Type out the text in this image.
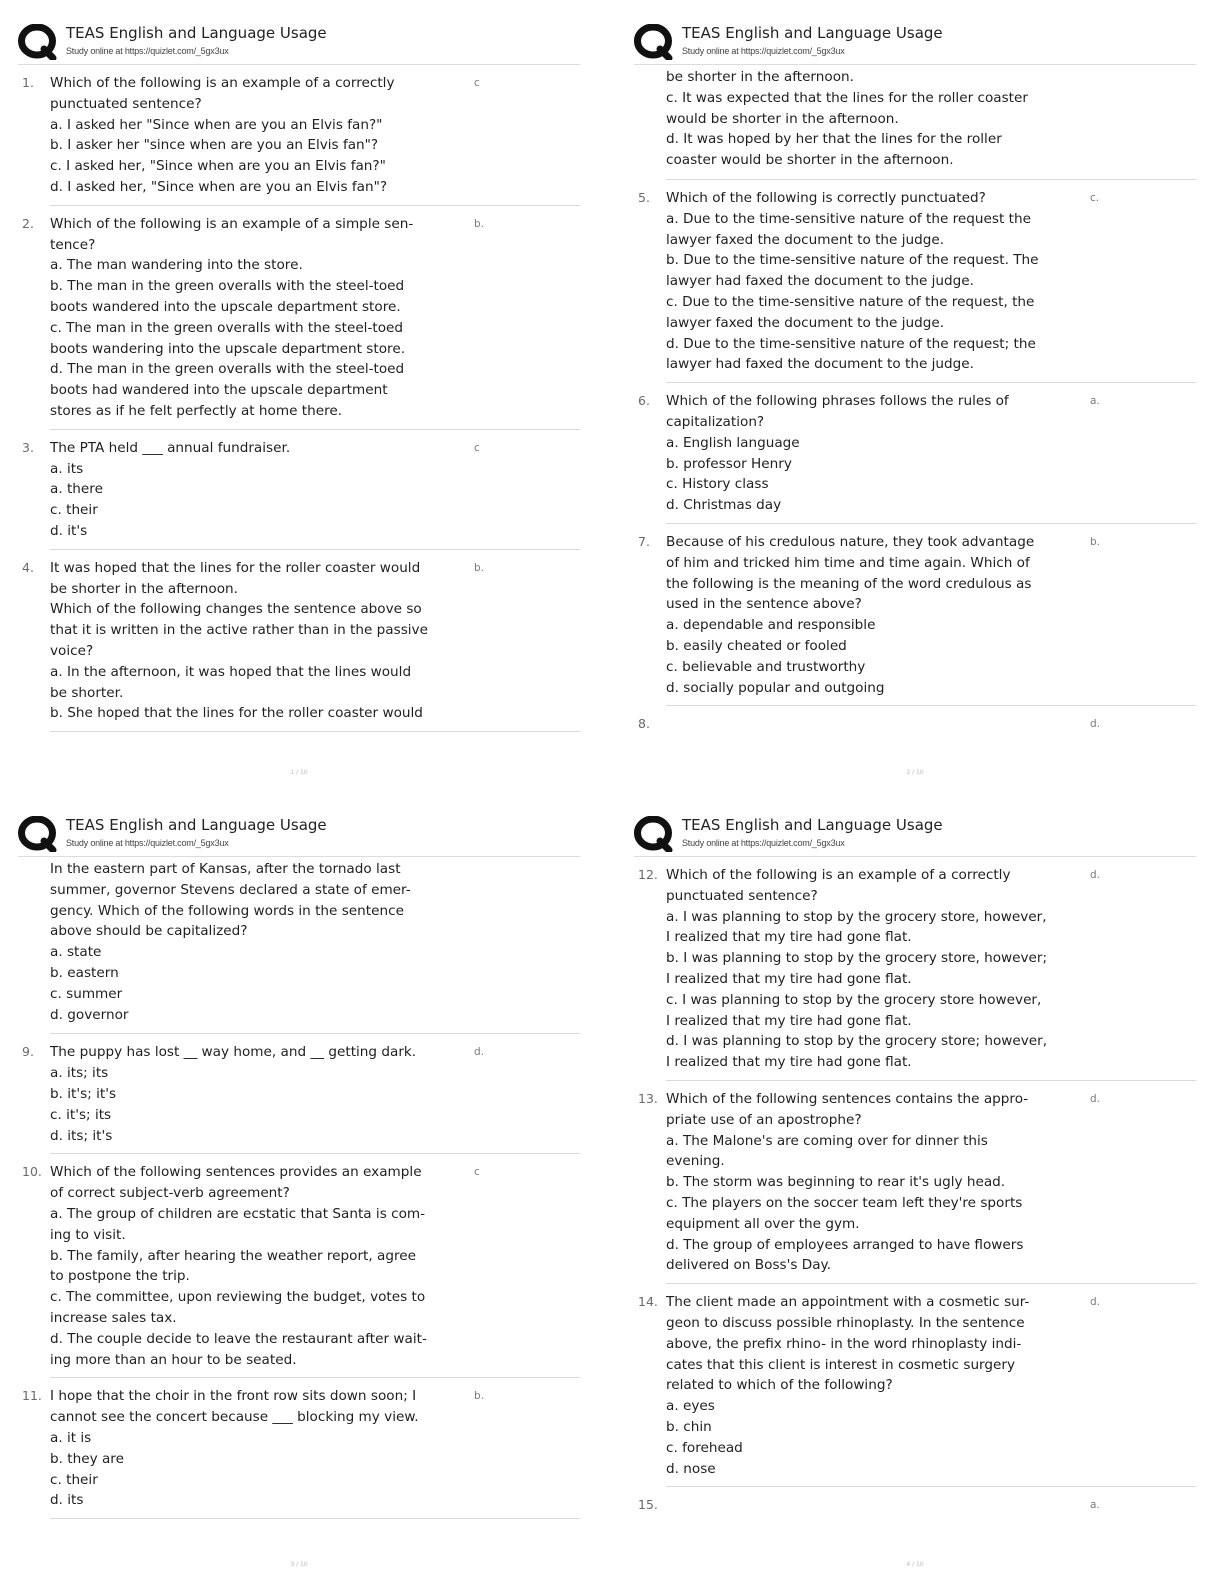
TEAS English and Language Usage
Study online at https://quizlet.com/_5gx3ux
1.	c
Which of the following is an example of a correctly
punctuated sentence?
a. I asked her "Since when are you an Elvis fan?"
b. I asker her "since when are you an Elvis fan"?
c. I asked her, "Since when are you an Elvis fan?"
d. I asked her, "Since when are you an Elvis fan"?
2.	b.
Which of the following is an example of a simple sen-
tence?
a. The man wandering into the store.
b. The man in the green overalls with the steel-toed
boots wandered into the upscale department store.
c. The man in the green overalls with the steel-toed
boots wandering into the upscale department store.
d. The man in the green overalls with the steel-toed
boots had wandered into the upscale department
stores as if he felt perfectly at home there.
3.	c
The PTA held ___ annual fundraiser.
a. its
a. there
c. their
d. it's
4.	b.
It was hoped that the lines for the roller coaster would
be shorter in the afternoon.
Which of the following changes the sentence above so
that it is written in the active rather than in the passive
voice?
a. In the afternoon, it was hoped that the lines would
be shorter.
b. She hoped that the lines for the roller coaster would
1 / 10
TEAS English and Language Usage
Study online at https://quizlet.com/_5gx3ux
be shorter in the afternoon.
c. It was expected that the lines for the roller coaster
would be shorter in the afternoon.
d. It was hoped by her that the lines for the roller
coaster would be shorter in the afternoon.
5.	c.
Which of the following is correctly punctuated?
a. Due to the time-sensitive nature of the request the
lawyer faxed the document to the judge.
b. Due to the time-sensitive nature of the request. The
lawyer had faxed the document to the judge.
c. Due to the time-sensitive nature of the request, the
lawyer faxed the document to the judge.
d. Due to the time-sensitive nature of the request; the
lawyer had faxed the document to the judge.
6.	a.
Which of the following phrases follows the rules of
capitalization?
a. English language
b. professor Henry
c. History class
d. Christmas day
7.	b.
Because of his credulous nature, they took advantage
of him and tricked him time and time again. Which of
the following is the meaning of the word credulous as
used in the sentence above?
a. dependable and responsible
b. easily cheated or fooled
c. believable and trustworthy
d. socially popular and outgoing
8.	d.
2 / 10
TEAS English and Language Usage
Study online at https://quizlet.com/_5gx3ux
In the eastern part of Kansas, after the tornado last
summer, governor Stevens declared a state of emer-
gency. Which of the following words in the sentence
above should be capitalized?
a. state
b. eastern
c. summer
d. governor
9.	d.
The puppy has lost __ way home, and __ getting dark.
a. its; its
b. it's; it's
c. it's; its
d. its; it's
10.	c
Which of the following sentences provides an example
of correct subject-verb agreement?
a. The group of children are ecstatic that Santa is com-
ing to visit.
b. The family, after hearing the weather report, agree
to postpone the trip.
c. The committee, upon reviewing the budget, votes to
increase sales tax.
d. The couple decide to leave the restaurant after wait-
ing more than an hour to be seated.
11.	b.
I hope that the choir in the front row sits down soon; I
cannot see the concert because ___ blocking my view.
a. it is
b. they are
c. their
d. its
3 / 10
TEAS English and Language Usage
Study online at https://quizlet.com/_5gx3ux
12.	d.
Which of the following is an example of a correctly
punctuated sentence?
a. I was planning to stop by the grocery store, however,
I realized that my tire had gone flat.
b. I was planning to stop by the grocery store, however;
I realized that my tire had gone flat.
c. I was planning to stop by the grocery store however,
I realized that my tire had gone flat.
d. I was planning to stop by the grocery store; however,
I realized that my tire had gone flat.
13.	d.
Which of the following sentences contains the appro-
priate use of an apostrophe?
a. The Malone's are coming over for dinner this
evening.
b. The storm was beginning to rear it's ugly head.
c. The players on the soccer team left they're sports
equipment all over the gym.
d. The group of employees arranged to have flowers
delivered on Boss's Day.
14.	d.
The client made an appointment with a cosmetic sur-
geon to discuss possible rhinoplasty. In the sentence
above, the prefix rhino- in the word rhinoplasty indi-
cates that this client is interest in cosmetic surgery
related to which of the following?
a. eyes
b. chin
c. forehead
d. nose
15.	a.
4 / 10
